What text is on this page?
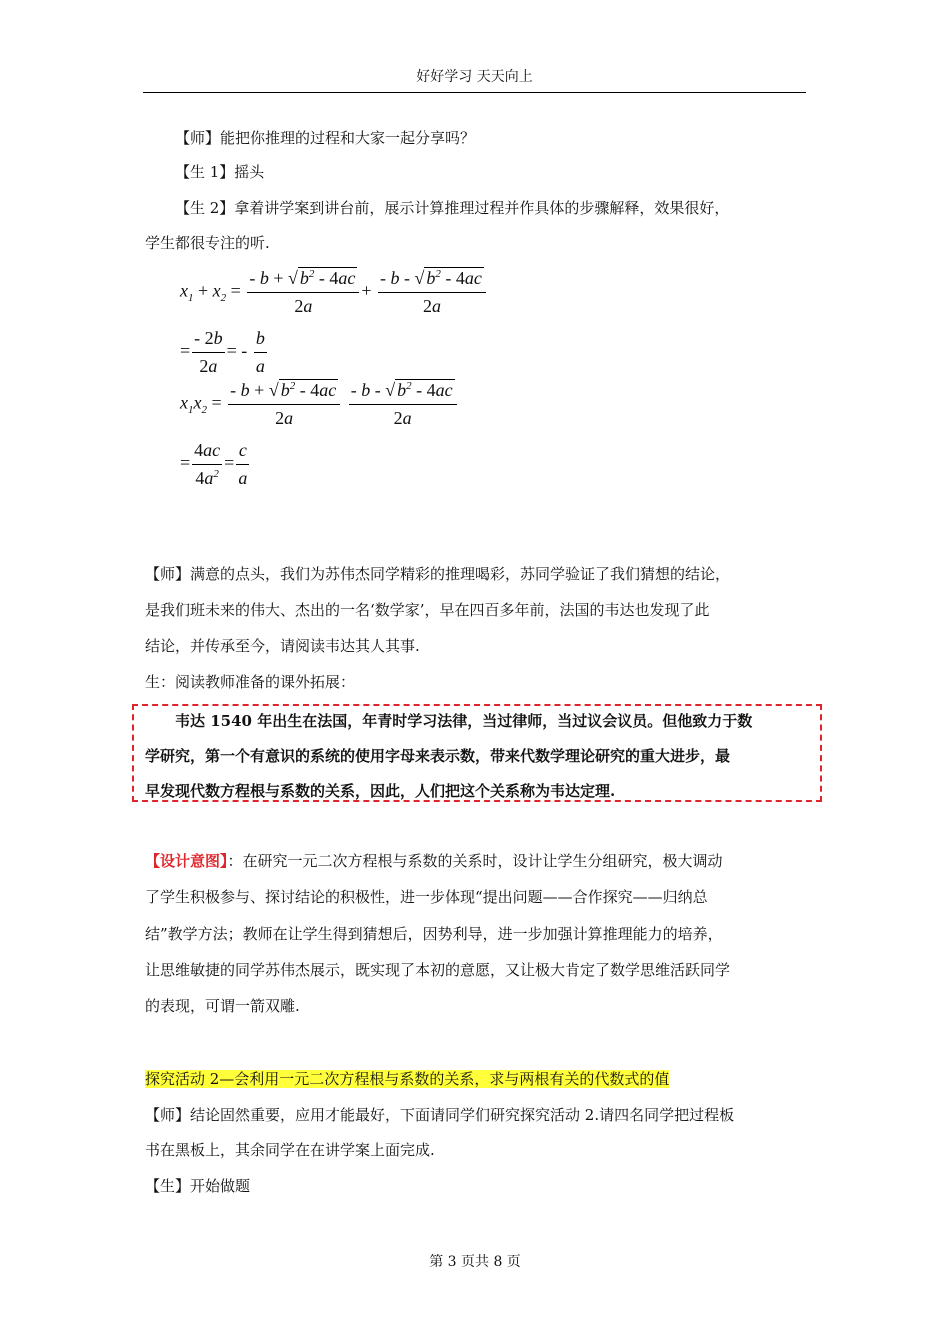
好好学习 天天向上
【师】能把你推理的过程和大家一起分享吗？
【生 1】摇头
【生 2】拿着讲学案到讲台前，展示计算推理过程并作具体的步骤解释，效果很好，
学生都很专注的听.
$x_1 + x_2 = \frac{- b + √ b^2 - 4ac}{2a} + \frac{- b - √ b^2 - 4ac}{2a}$
= $\frac{- 2b}{2a}$ = - $\frac{b}{a}$
$x_1x_2 = \frac{- b + √ b^2 - 4ac}{2a}$
$\frac{- b - √ b^2 - 4ac}{2a}$
= $\frac{4ac}{4a^2} = \frac{c}{a}$
【师】满意的点头，我们为苏伟杰同学精彩的推理喝彩，苏同学验证了我们猜想的结论，
是我们班未来的伟大、杰出的一名‘数学家’，早在四百多年前，法国的韦达也发现了此
结论，并传承至今，请阅读韦达其人其事.
生：阅读教师准备的课外拓展：
韦达 1540 年出生在法国，年青时学习法律，当过律师，当过议会议员。但他致力于数
学研究，第一个有意识的系统的使用字母来表示数，带来代数学理论研究的重大进步，最
早发现代数方程根与系数的关系，因此，人们把这个关系称为韦达定理.
【设计意图】：在研究一元二次方程根与系数的关系时，设计让学生分组研究，极大调动
了学生积极参与、探讨结论的积极性，进一步体现“提出问题——合作探究——归纳总
结”教学方法；教师在让学生得到猜想后，因势利导，进一步加强计算推理能力的培养，
让思维敏捷的同学苏伟杰展示，既实现了本初的意愿，又让极大肯定了数学思维活跃同学
的表现，可谓一箭双雕.
探究活动 2—会利用一元二次方程根与系数的关系，求与两根有关的代数式的值
【师】结论固然重要，应用才能最好，下面请同学们研究探究活动 2.请四名同学把过程板
书在黑板上，其余同学在在讲学案上面完成.
【生】开始做题
第 3 页共 8 页
